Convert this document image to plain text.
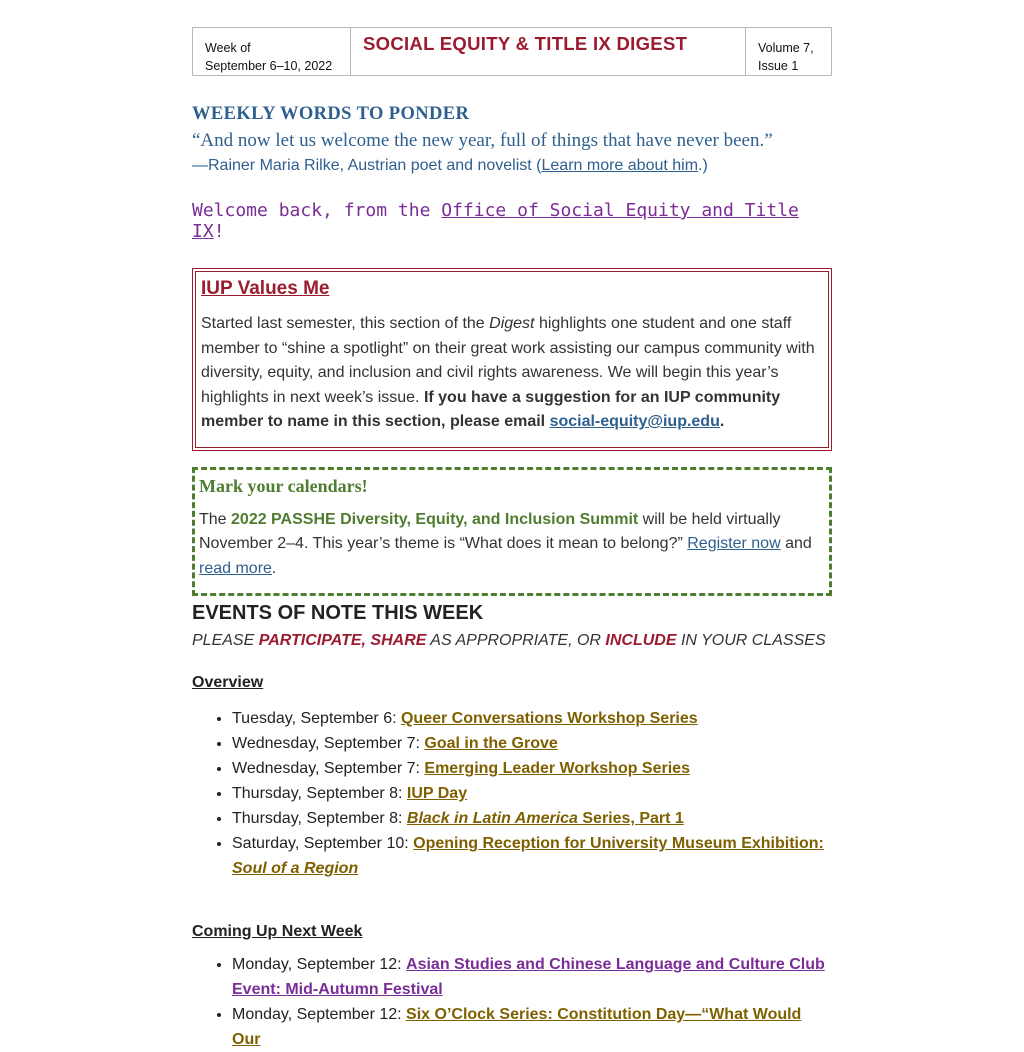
Week of
September 6–10, 2022
SOCIAL EQUITY & TITLE IX DIGEST	Volume 7,
Issue 1
WEEKLY WORDS TO PONDER
“And now let us welcome the new year, full of things that have never been.”
—Rainer Maria Rilke, Austrian poet and novelist (Learn more about him.)
Welcome back, from the Office of Social Equity and Title IX!
IUP Values Me
Started last semester, this section of the Digest highlights one student and one staff member to “shine a spotlight” on their great work assisting our campus community with diversity, equity, and inclusion and civil rights awareness. We will begin this year’s highlights in next week’s issue. If you have a suggestion for an IUP community member to name in this section, please email social-equity@iup.edu.
Mark your calendars!
The 2022 PASSHE Diversity, Equity, and Inclusion Summit will be held virtually November 2–4. This year’s theme is “What does it mean to belong?” Register now and read more.
EVENTS OF NOTE THIS WEEK
PLEASE PARTICIPATE, SHARE AS APPROPRIATE, OR INCLUDE IN YOUR CLASSES
Overview
• Tuesday, September 6: Queer Conversations Workshop Series
• Wednesday, September 7: Goal in the Grove
• Wednesday, September 7: Emerging Leader Workshop Series
• Thursday, September 8: IUP Day
• Thursday, September 8: Black in Latin America Series, Part 1
• Saturday, September 10: Opening Reception for University Museum Exhibition: Soul of a Region
Coming Up Next Week
• Monday, September 12: Asian Studies and Chinese Language and Culture Club Event: Mid-Autumn Festival
• Monday, September 12: Six O’Clock Series: Constitution Day—“What Would Our
